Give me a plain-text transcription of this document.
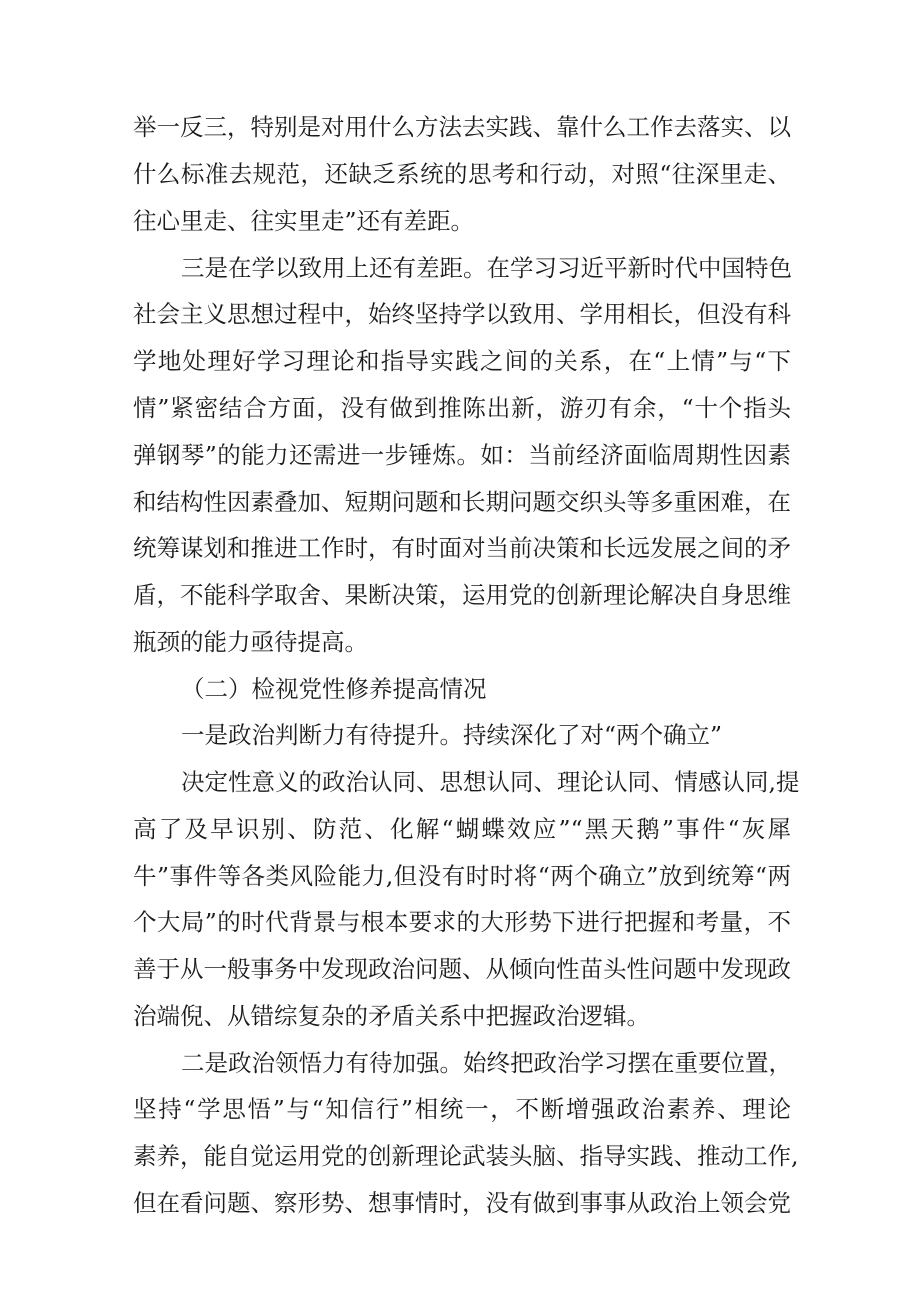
举一反三，特别是对用什么方法去实践、靠什么工作去落实、以

什么标准去规范，还缺乏系统的思考和行动，对照“往深里走、

往心里走、往实里走”还有差距。

三是在学以致用上还有差距。在学习习近平新时代中国特色

社会主义思想过程中，始终坚持学以致用、学用相长，但没有科

学地处理好学习理论和指导实践之间的关系，在“上情”与“下

情”紧密结合方面，没有做到推陈出新，游刃有余，“十个指头

弹钢琴”的能力还需进一步锤炼。如：当前经济面临周期性因素

和结构性因素叠加、短期问题和长期问题交织头等多重困难，在

统筹谋划和推进工作时，有时面对当前决策和长远发展之间的矛

盾，不能科学取舍、果断决策，运用党的创新理论解决自身思维

瓶颈的能力亟待提高。

（二）检视党性修养提高情况

一是政治判断力有待提升。持续深化了对“两个确立”

决定性意义的政治认同、思想认同、理论认同、情感认同,提

高了及早识别、防范、化解“蝴蝶效应”“黑天鹅”事件“灰犀

牛”事件等各类风险能力,但没有时时将“两个确立”放到统筹“两

个大局”的时代背景与根本要求的大形势下进行把握和考量，不

善于从一般事务中发现政治问题、从倾向性苗头性问题中发现政

治端倪、从错综复杂的矛盾关系中把握政治逻辑。

二是政治领悟力有待加强。始终把政治学习摆在重要位置，

坚持“学思悟”与“知信行”相统一，不断增强政治素养、理论

素养，能自觉运用党的创新理论武装头脑、指导实践、推动工作,

但在看问题、察形势、想事情时，没有做到事事从政治上领会党
